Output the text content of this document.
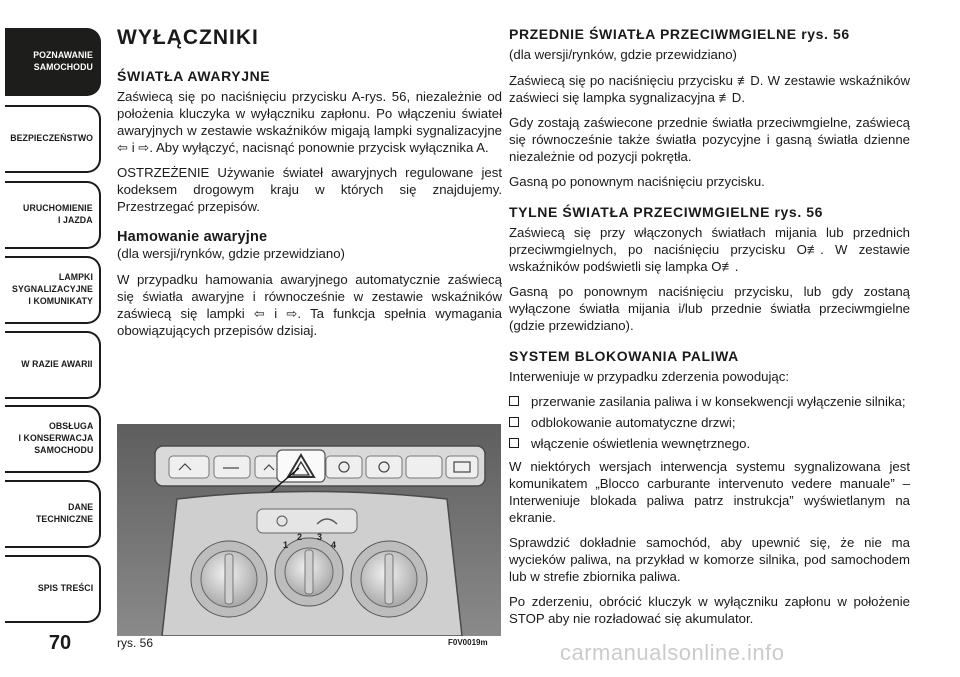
POZNAWANIE
SAMOCHODU
BEZPIECZEŃSTWO
URUCHOMIENIE
I JAZDA
LAMPKI
SYGNALIZACYJNE
I KOMUNIKATY
W RAZIE AWARII
OBSŁUGA
I KONSERWACJA
SAMOCHODU
DANE
TECHNICZNE
SPIS TREŚCI
70
WYŁĄCZNIKI
ŚWIATŁA AWARYJNE

Zaświecą się po naciśnięciu przycisku A-rys. 56, niezależnie od położenia kluczyka w wyłączniku zapłonu. Po włączeniu świateł awaryjnych w zestawie wskaźników migają lampki sygnalizacyjne ⇦ i ⇨. Aby wyłączyć, nacisnąć ponownie przycisk wyłącznika A.

OSTRZEŻENIE Używanie świateł awaryjnych regulowane jest kodeksem drogowym kraju w których się znajdujemy. Przestrzegać przepisów.

Hamowanie awaryjne

(dla wersji/rynków, gdzie przewidziano)

W przypadku hamowania awaryjnego automatycznie zaświecą się światła awaryjne i równocześnie w zestawie wskaźników zaświecą się lampki ⇦ i ⇨. Ta funkcja spełnia wymagania obowiązujących przepisów dzisiaj.

1
2 3
4
rys. 56	F0V0019m
PRZEDNIE ŚWIATŁA PRZECIWMGIELNE rys. 56

(dla wersji/rynków, gdzie przewidziano)

Zaświecą się po naciśnięciu przycisku ≢D. W zestawie wskaźników zaświeci się lampka sygnalizacyjna ≢D.

Gdy zostają zaświecone przednie światła przeciwmgielne, zaświecą się równocześnie także światła pozycyjne i gasną światła dzienne niezależnie od pozycji pokrętła.

Gasną po ponownym naciśnięciu przycisku.

TYLNE ŚWIATŁA PRZECIWMGIELNE rys. 56

Zaświecą się przy włączonych światłach mijania lub przednich przeciwmgielnych, po naciśnięciu przycisku O≢. W zestawie wskaźników podświetli się lampka O≢.

Gasną po ponownym naciśnięciu przycisku, lub gdy zostaną wyłączone światła mijania i/lub przednie światła przeciwmgielne (gdzie przewidziano).

SYSTEM BLOKOWANIA PALIWA

Interweniuje w przypadku zderzenia powodując:

przerwanie zasilania paliwa i w konsekwencji wyłączenie silnika;
odblokowanie automatyczne drzwi;
włączenie oświetlenia wewnętrznego.

W niektórych wersjach interwencja systemu sygnalizowana jest komunikatem „Blocco carburante intervenuto vedere manuale” – Interweniuje blokada paliwa patrz instrukcja” wyświetlanym na ekranie.

Sprawdzić dokładnie samochód, aby upewnić się, że nie ma wycieków paliwa, na przykład w komorze silnika, pod samochodem lub w strefie zbiornika paliwa.

Po zderzeniu, obrócić kluczyk w wyłączniku zapłonu w położenie STOP aby nie rozładować się akumulator.

carmanualsonline.info
